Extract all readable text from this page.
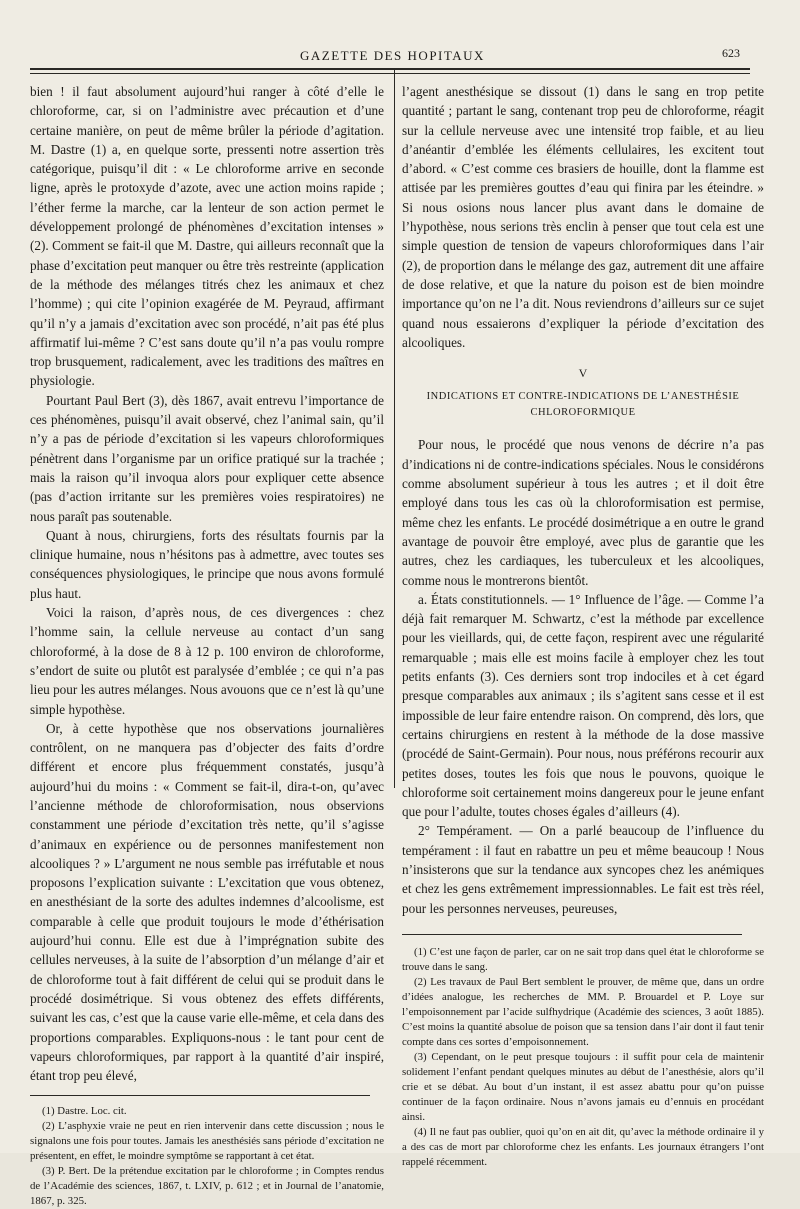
GAZETTE DES HOPITAUX	623

bien ! il faut absolument aujourd’hui ranger à côté d’elle le chloroforme, car, si on l’administre avec précaution et d’une certaine manière, on peut de même brûler la période d’agitation. M. Dastre (1) a, en quelque sorte, pressenti notre assertion très catégorique, puisqu’il dit : « Le chloroforme arrive en seconde ligne, après le protoxyde d’azote, avec une action moins rapide ; l’éther ferme la marche, car la lenteur de son action permet le développement prolongé de phénomènes d’excitation intenses » (2). Comment se fait-il que M. Dastre, qui ailleurs reconnaît que la phase d’excitation peut manquer ou être très restreinte (application de la méthode des mélanges titrés chez les animaux et chez l’homme) ; qui cite l’opinion exagérée de M. Peyraud, affirmant qu’il n’y a jamais d’excitation avec son procédé, n’ait pas été plus affirmatif lui-même ? C’est sans doute qu’il n’a pas voulu rompre trop brusquement, radicalement, avec les traditions des maîtres en physiologie.

Pourtant Paul Bert (3), dès 1867, avait entrevu l’importance de ces phénomènes, puisqu’il avait observé, chez l’animal sain, qu’il n’y a pas de période d’excitation si les vapeurs chloroformiques pénètrent dans l’organisme par un orifice pratiqué sur la trachée ; mais la raison qu’il invoqua alors pour expliquer cette absence (pas d’action irritante sur les premières voies respiratoires) ne nous paraît pas soutenable.

Quant à nous, chirurgiens, forts des résultats fournis par la clinique humaine, nous n’hésitons pas à admettre, avec toutes ses conséquences physiologiques, le principe que nous avons formulé plus haut.

Voici la raison, d’après nous, de ces divergences : chez l’homme sain, la cellule nerveuse au contact d’un sang chloroformé, à la dose de 8 à 12 p. 100 environ de chloroforme, s’endort de suite ou plutôt est paralysée d’emblée ; ce qui n’a pas lieu pour les autres mélanges. Nous avouons que ce n’est là qu’une simple hypothèse.

Or, à cette hypothèse que nos observations journalières contrôlent, on ne manquera pas d’objecter des faits d’ordre différent et encore plus fréquemment constatés, jusqu’à aujourd’hui du moins : « Comment se fait-il, dira-t-on, qu’avec l’ancienne méthode de chloroformisation, nous observions constamment une période d’excitation très nette, qu’il s’agisse d’animaux en expérience ou de personnes manifestement non alcooliques ? » L’argument ne nous semble pas irréfutable et nous proposons l’explication suivante : L’excitation que vous obtenez, en anesthésiant de la sorte des adultes indemnes d’alcoolisme, est comparable à celle que produit toujours le mode d’éthérisation aujourd’hui connu. Elle est due à l’imprégnation subite des cellules nerveuses, à la suite de l’absorption d’un mélange d’air et de chloroforme tout à fait différent de celui qui se produit dans le procédé dosimétrique. Si vous obtenez des effets différents, suivant les cas, c’est que la cause varie elle-même, et cela dans des proportions comparables. Expliquons-nous : le tant pour cent de vapeurs chloroformiques, par rapport à la quantité d’air inspiré, étant trop peu élevé,

(1) Dastre. Loc. cit.

(2) L’asphyxie vraie ne peut en rien intervenir dans cette discussion ; nous le signalons une fois pour toutes. Jamais les anesthésiés sans période d’excitation ne présentent, en effet, le moindre symptôme se rapportant à cet état.

(3) P. Bert. De la prétendue excitation par le chloroforme ; in Comptes rendus de l’Académie des sciences, 1867, t. LXIV, p. 612 ; et in Journal de l’anatomie, 1867, p. 325.

l’agent anesthésique se dissout (1) dans le sang en trop petite quantité ; partant le sang, contenant trop peu de chloroforme, réagit sur la cellule nerveuse avec une intensité trop faible, et au lieu d’anéantir d’emblée les éléments cellulaires, les excitent tout d’abord. « C’est comme ces brasiers de houille, dont la flamme est attisée par les premières gouttes d’eau qui finira par les éteindre. » Si nous osions nous lancer plus avant dans le domaine de l’hypothèse, nous serions très enclin à penser que tout cela est une simple question de tension de vapeurs chloroformiques dans l’air (2), de proportion dans le mélange des gaz, autrement dit une affaire de dose relative, et que la nature du poison est de bien moindre importance qu’on ne l’a dit. Nous reviendrons d’ailleurs sur ce sujet quand nous essaierons d’expliquer la période d’excitation des alcooliques.

V
INDICATIONS ET CONTRE-INDICATIONS DE L’ANESTHÉSIE CHLOROFORMIQUE

Pour nous, le procédé que nous venons de décrire n’a pas d’indications ni de contre-indications spéciales. Nous le considérons comme absolument supérieur à tous les autres ; et il doit être employé dans tous les cas où la chloroformisation est permise, même chez les enfants. Le procédé dosimétrique a en outre le grand avantage de pouvoir être employé, avec plus de garantie que les autres, chez les cardiaques, les tuberculeux et les alcooliques, comme nous le montrerons bientôt.

a. États constitutionnels. — 1° Influence de l’âge. — Comme l’a déjà fait remarquer M. Schwartz, c’est la méthode par excellence pour les vieillards, qui, de cette façon, respirent avec une régularité remarquable ; mais elle est moins facile à employer chez les tout petits enfants (3). Ces derniers sont trop indociles et à cet égard presque comparables aux animaux ; ils s’agitent sans cesse et il est impossible de leur faire entendre raison. On comprend, dès lors, que certains chirurgiens en restent à la méthode de la dose massive (procédé de Saint-Germain). Pour nous, nous préférons recourir aux petites doses, toutes les fois que nous le pouvons, quoique le chloroforme soit certainement moins dangereux pour le jeune enfant que pour l’adulte, toutes choses égales d’ailleurs (4).

2° Tempérament. — On a parlé beaucoup de l’influence du tempérament : il faut en rabattre un peu et même beaucoup ! Nous n’insisterons que sur la tendance aux syncopes chez les anémiques et chez les gens extrêmement impressionnables. Le fait est très réel, pour les personnes nerveuses, peureuses,

(1) C’est une façon de parler, car on ne sait trop dans quel état le chloroforme se trouve dans le sang.

(2) Les travaux de Paul Bert semblent le prouver, de même que, dans un ordre d’idées analogue, les recherches de MM. P. Brouardel et P. Loye sur l’empoisonnement par l’acide sulfhydrique (Académie des sciences, 3 août 1885). C’est moins la quantité absolue de poison que sa tension dans l’air dont il faut tenir compte dans ces sortes d’empoisonnement.

(3) Cependant, on le peut presque toujours : il suffit pour cela de maintenir solidement l’enfant pendant quelques minutes au début de l’anesthésie, alors qu’il crie et se débat. Au bout d’un instant, il est assez abattu pour qu’on puisse continuer de la façon ordinaire. Nous n’avons jamais eu d’ennuis en procédant ainsi.

(4) Il ne faut pas oublier, quoi qu’on en ait dit, qu’avec la méthode ordinaire il y a des cas de mort par chloroforme chez les enfants. Les journaux étrangers l’ont rappelé récemment.
